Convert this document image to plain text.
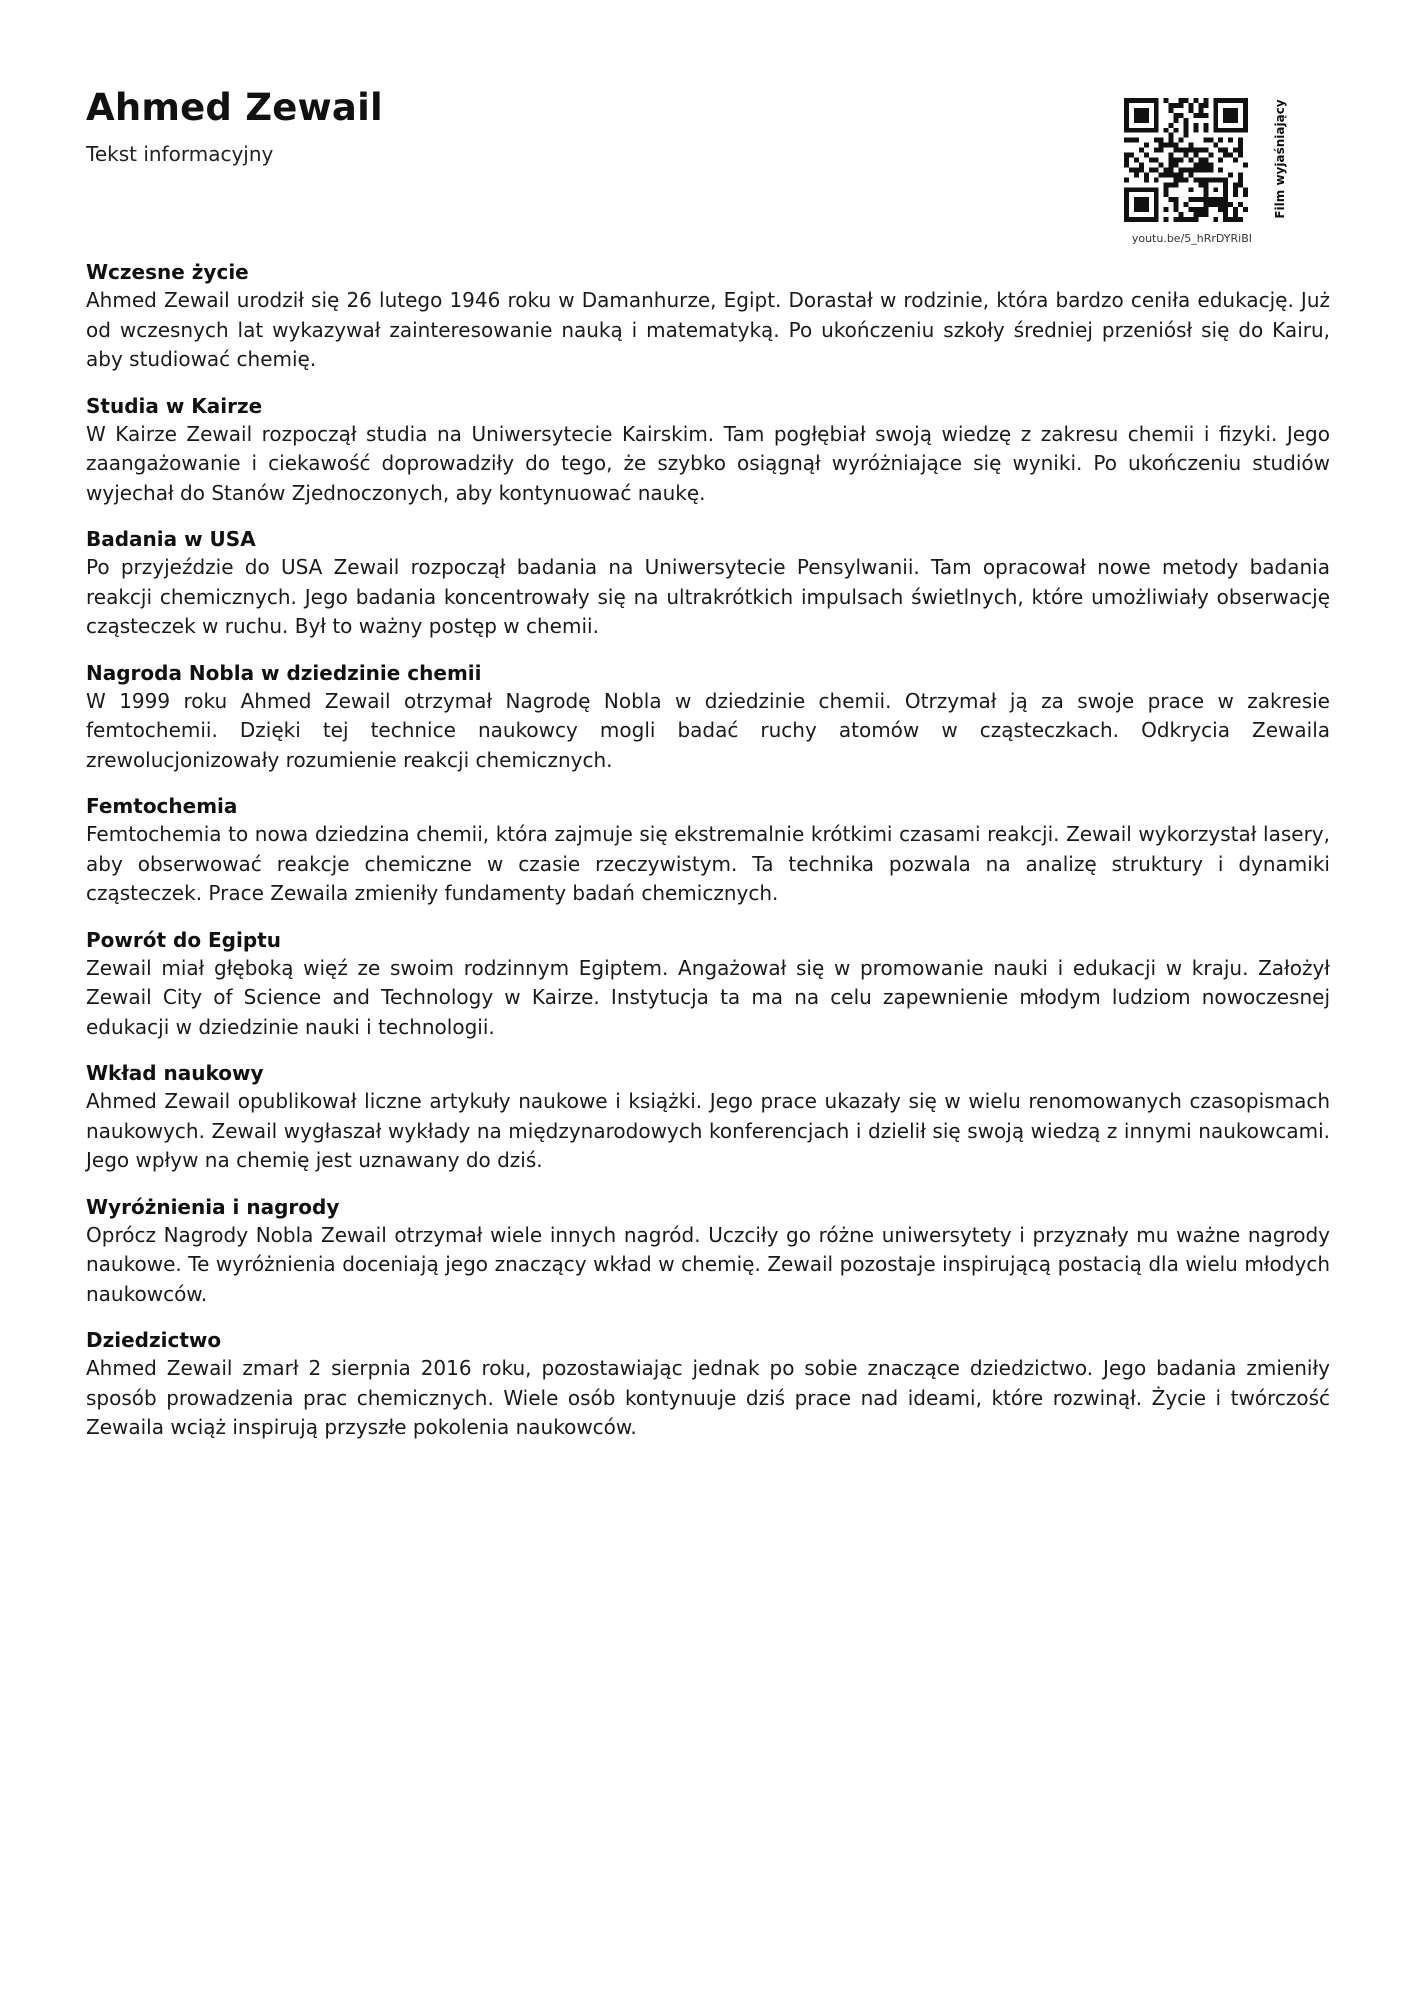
Ahmed Zewail

Tekst informacyjny

youtu.be/5_hRrDYRiBI
Film wyjaśniający
Wczesne życie

Ahmed Zewail urodził się 26 lutego 1946 roku w Damanhurze, Egipt. Dorastał w rodzinie, która bardzo ceniła edukację. Już od wczesnych lat wykazywał zainteresowanie nauką i matematyką. Po ukończeniu szkoły średniej przeniósł się do Kairu, aby studiować chemię.

Studia w Kairze

W Kairze Zewail rozpoczął studia na Uniwersytecie Kairskim. Tam pogłębiał swoją wiedzę z zakresu chemii i fizyki. Jego zaangażowanie i ciekawość doprowadziły do tego, że szybko osiągnął wyróżniające się wyniki. Po ukończeniu studiów wyjechał do Stanów Zjednoczonych, aby kontynuować naukę.

Badania w USA

Po przyjeździe do USA Zewail rozpoczął badania na Uniwersytecie Pensylwanii. Tam opracował nowe metody badania reakcji chemicznych. Jego badania koncentrowały się na ultrakrótkich impulsach świetlnych, które umożliwiały obserwację cząsteczek w ruchu. Był to ważny postęp w chemii.

Nagroda Nobla w dziedzinie chemii

W 1999 roku Ahmed Zewail otrzymał Nagrodę Nobla w dziedzinie chemii. Otrzymał ją za swoje prace w zakresie femtochemii. Dzięki tej technice naukowcy mogli badać ruchy atomów w cząsteczkach. Odkrycia Zewaila zrewolucjonizowały rozumienie reakcji chemicznych.

Femtochemia

Femtochemia to nowa dziedzina chemii, która zajmuje się ekstremalnie krótkimi czasami reakcji. Zewail wykorzystał lasery, aby obserwować reakcje chemiczne w czasie rzeczywistym. Ta technika pozwala na analizę struktury i dynamiki cząsteczek. Prace Zewaila zmieniły fundamenty badań chemicznych.

Powrót do Egiptu

Zewail miał głęboką więź ze swoim rodzinnym Egiptem. Angażował się w promowanie nauki i edukacji w kraju. Założył Zewail City of Science and Technology w Kairze. Instytucja ta ma na celu zapewnienie młodym ludziom nowoczesnej edukacji w dziedzinie nauki i technologii.

Wkład naukowy

Ahmed Zewail opublikował liczne artykuły naukowe i książki. Jego prace ukazały się w wielu renomowanych czasopismach naukowych. Zewail wygłaszał wykłady na międzynarodowych konferencjach i dzielił się swoją wiedzą z innymi naukowcami. Jego wpływ na chemię jest uznawany do dziś.

Wyróżnienia i nagrody

Oprócz Nagrody Nobla Zewail otrzymał wiele innych nagród. Uczciły go różne uniwersytety i przyznały mu ważne nagrody naukowe. Te wyróżnienia doceniają jego znaczący wkład w chemię. Zewail pozostaje inspirującą postacią dla wielu młodych naukowców.

Dziedzictwo

Ahmed Zewail zmarł 2 sierpnia 2016 roku, pozostawiając jednak po sobie znaczące dziedzictwo. Jego badania zmieniły sposób prowadzenia prac chemicznych. Wiele osób kontynuuje dziś prace nad ideami, które rozwinął. Życie i twórczość Zewaila wciąż inspirują przyszłe pokolenia naukowców.
